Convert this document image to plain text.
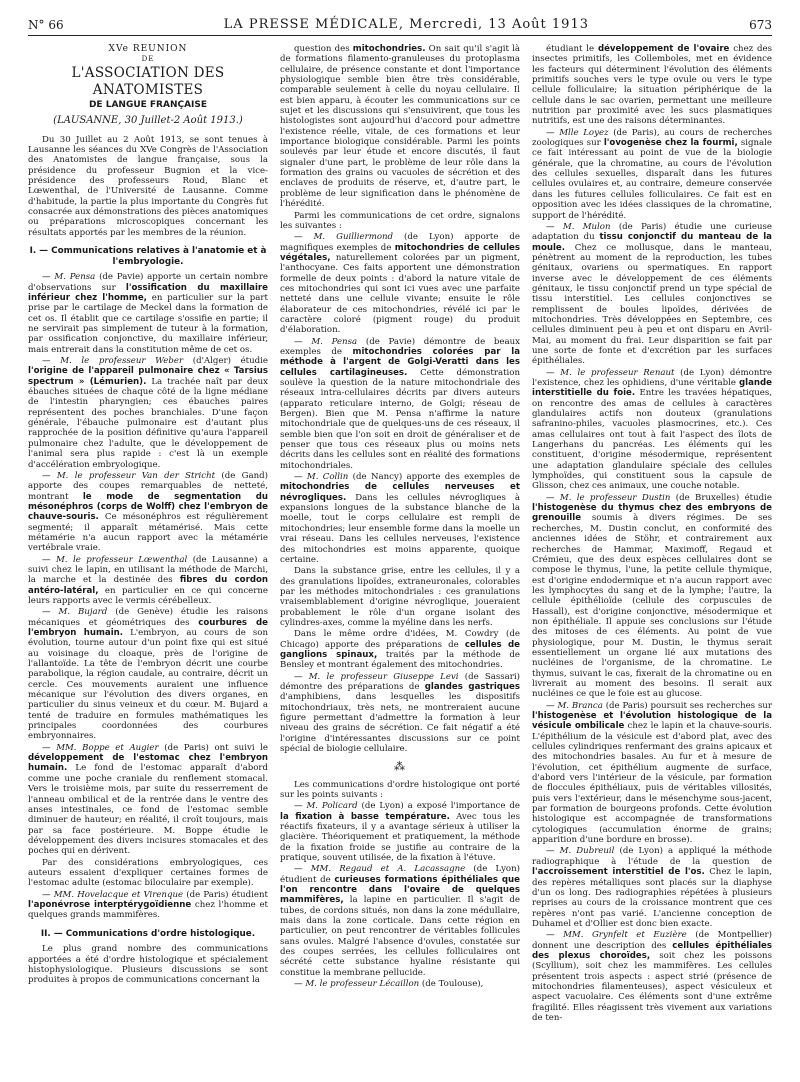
N° 66	LA PRESSE MÉDICALE, Mercredi, 13 Août 1913	673
XVe RÉUNION
DE
L'ASSOCIATION DES ANATOMISTES
DE LANGUE FRANÇAISE
(LAUSANNE, 30 Juillet-2 Août 1913.)

Du 30 Juillet au 2 Août 1913, se sont tenues à Lausanne les séances du XVe Congrès de l'Association des Anatomistes de langue française, sous la présidence du professeur Bugnion et la vice-présidence des professeurs Roud, Blanc et Lœwenthal, de l'Université de Lausanne. Comme d'habitude, la partie la plus importante du Congrès fut consacrée aux démonstrations des pièces anatomiques ou préparations microscopiques concernant les résultats apportés par les membres de la réunion.

I. — Communications relatives à l'anatomie et à l'embryologie.

— M. Pensa (de Pavie) apporte un certain nombre d'observations sur l'ossification du maxillaire inférieur chez l'homme, en particulier sur la part prise par le cartilage de Meckel dans la formation de cet os. Il établit que ce cartilage s'ossifie en partie; il ne servirait pas simplement de tuteur à la formation, par ossification conjonctive, du maxillaire inférieur, mais entrerait dans la constitution même de cet os.

— M. le professeur Weber (d'Alger) étudie l'origine de l'appareil pulmonaire chez « Tarsius spectrum » (Lémurien). La trachée naît par deux ébauches situées de chaque côté de la ligne médiane de l'intestin pharyngien; ces ébauches paires représentent des poches branchiales. D'une façon générale, l'ébauche pulmonaire est d'autant plus rapprochée de la position définitive qu'aura l'appareil pulmonaire chez l'adulte, que le développement de l'animal sera plus rapide : c'est là un exemple d'accélération embryologique.

— M. le professeur Van der Stricht (de Gand) apporte des coupes remarquables de netteté, montrant le mode de segmentation du mésonéphros (corps de Wolff) chez l'embryon de chauve-souris. Ce mésonéphros est régulièrement segmenté; il apparaît métamérisé. Mais cette métamérie n'a aucun rapport avec la métamérie vertébrale vraie.

— M. le professeur Lœwenthal (de Lausanne) a suivi chez le lapin, en utilisant la méthode de Marchi, la marche et la destinée des fibres du cordon antéro-latéral, en particulier en ce qui concerne leurs rapports avec le vermis cérébelleux.

— M. Bujard (de Genève) étudie les raisons mécaniques et géométriques des courbures de l'embryon humain. L'embryon, au cours de son évolution, tourne autour d'un point fixe qui est situé au voisinage du cloaque, près de l'origine de l'allantoïde. La tête de l'embryon décrit une courbe parabolique, la région caudale, au contraire, décrit un cercle. Ces mouvements auraient une influence mécanique sur l'évolution des divers organes, en particulier du sinus veineux et du cœur. M. Bujard a tenté de traduire en formules mathématiques les principales coordonnées des courbures embryonnaires.

— MM. Boppe et Augier (de Paris) ont suivi le développement de l'estomac chez l'embryon humain. Le fond de l'estomac apparaît d'abord comme une poche craniale du renflement stomacal. Vers le troisième mois, par suite du resserrement de l'anneau ombilical et de la rentrée dans le ventre des anses intestinales, ce fond de l'estomac semble diminuer de hauteur; en réalité, il croît toujours, mais par sa face postérieure. M. Boppe étudie le développement des divers incisures stomacales et des poches qui en dérivent.

Par des considérations embryologiques, ces auteurs essaient d'expliquer certaines formes de l'estomac adulte (estomac biloculaire par exemple).

— MM. Hovelacque et Virenque (de Paris) étudient l'aponévrose interptérygoïdienne chez l'homme et quelques grands mammifères.

II. — Communications d'ordre histologique.

Le plus grand nombre des communications apportées a été d'ordre histologique et spécialement histophysiologique. Plusieurs discussions se sont produites à propos de communications concernant la

question des mitochondries. On sait qu'il s'agit là de formations filamento-granuleuses du protoplasma cellulaire, de présence constante et dont l'importance physiologique semble bien être très considérable, comparable seulement à celle du noyau cellulaire. Il est bien apparu, à écouter les communications sur ce sujet et les discussions qui s'ensuivirent, que tous les histologistes sont aujourd'hui d'accord pour admettre l'existence réelle, vitale, de ces formations et leur importance biologique considérable. Parmi les points soulevés par leur étude et encore discutés, il faut signaler d'une part, le problème de leur rôle dans la formation des grains ou vacuoles de sécrétion et des enclaves de produits de réserve, et, d'autre part, le problème de leur signification dans le phénomène de l'hérédité.

Parmi les communications de cet ordre, signalons les suivantes :

— M. Guilliermond (de Lyon) apporte de magnifiques exemples de mitochondries de cellules végétales, naturellement colorées par un pigment, l'anthocyane. Ces faits apportent une démonstration formelle de deux points : d'abord la nature vitale de ces mitochondries qui sont ici vues avec une parfaite netteté dans une cellule vivante; ensuite le rôle élaborateur de ces mitochondries, révélé ici par le caractère coloré (pigment rouge) du produit d'élaboration.

— M. Pensa (de Pavie) démontre de beaux exemples de mitochondries colorées par la méthode à l'argent de Golgi-Veratti dans les cellules cartilagineuses. Cette démonstration soulève la question de la nature mitochondriale des réseaux intra-cellulaires décrits par divers auteurs (apparato reticulare interno, de Golgi; réseau de Bergen). Bien que M. Pensa n'affirme la nature mitochondriale que de quelques-uns de ces réseaux, il semble bien que l'on soit en droit de généraliser et de penser que tous ces réseaux plus ou moins nets décrits dans les cellules sont en réalité des formations mitochondriales.

— M. Collin (de Nancy) apporte des exemples de mitochondries de cellules nerveuses et névrogliques. Dans les cellules névrogliques à expansions longues de la substance blanche de la moelle, tout le corps cellulaire est rempli de mitochondries; leur ensemble forme dans la moelle un vrai réseau. Dans les cellules nerveuses, l'existence des mitochondries est moins apparente, quoique certaine.

Dans la substance grise, entre les cellules, il y a des granulations lipoïdes, extraneuronales, colorables par les méthodes mitochondriales : ces granulations vraisemblablement d'origine névroglique, joueraient probablement le rôle d'un organe isolant des cylindres-axes, comme la myéline dans les nerfs.

Dans le même ordre d'idées, M. Cowdry (de Chicago) apporte des préparations de cellules de ganglions spinaux, traités par la méthode de Bensley et montrant également des mitochondries.

— M. le professeur Giuseppe Levi (de Sassari) démontre des préparations de glandes gastriques d'amphibiens, dans lesquelles les dispositifs mitochondriaux, très nets, ne montreraient aucune figure permettant d'admettre la formation à leur niveau des grains de sécrétion. Ce fait négatif a été l'origine d'intéressantes discussions sur ce point spécial de biologie cellulaire.

⁂

Les communications d'ordre histologique ont porté sur les points suivants :

— M. Policard (de Lyon) a exposé l'importance de la fixation à basse température. Avec tous les réactifs fixateurs, il y a avantage sérieux à utiliser la glacière. Théoriquement et pratiquement, la méthode de la fixation froide se justifie au contraire de la pratique, souvent utilisée, de la fixation à l'étuve.

— MM. Regaud et A. Lacassagne (de Lyon) étudient de curieuses formations épithéliales que l'on rencontre dans l'ovaire de quelques mammifères, la lapine en particulier. Il s'agit de tubes, de cordons situés, non dans la zone médullaire, mais dans la zone corticale. Dans cette région en particulier, on peut rencontrer de véritables follicules sans ovules. Malgré l'absence d'ovules, constatée sur des coupes serrées, les cellules folliculaires ont sécrété cette substance hyaline résistante qui constitue la membrane pellucide.

— M. le professeur Lécaillon (de Toulouse),

étudiant le développement de l'ovaire chez des insectes primitifs, les Collemboles, met en évidence les facteurs qui déterminent l'évolution des éléments primitifs souches vers le type ovule ou vers le type cellule folliculaire; la situation périphérique de la cellule dans le sac ovarien, permettant une meilleure nutrition par proximité avec les sucs plasmatiques nutritifs, est une des raisons déterminantes.

— Mlle Loyez (de Paris), au cours de recherches zoologiques sur l'ovogenèse chez la fourmi, signale ce fait intéressant au point de vue de la biologie générale, que la chromatine, au cours de l'évolution des cellules sexuelles, disparaît dans les futures cellules ovulaires et, au contraire, demeure conservée dans les futures cellules folliculaires. Ce fait est en opposition avec les idées classiques de la chromatine, support de l'hérédité.

— M. Mulon (de Paris) étudie une curieuse adaptation du tissu conjonctif du manteau de la moule. Chez ce mollusque, dans le manteau, pénètrent au moment de la reproduction, les tubes génitaux, ovariens ou spermatiques. En rapport inverse avec le développement de ces éléments génitaux, le tissu conjonctif prend un type spécial de tissu interstitiel. Les cellules conjonctives se remplissent de boules lipoïdes, dérivées de mitochondries. Très développées en Septembre, ces cellules diminuent peu à peu et ont disparu en Avril-Mai, au moment du frai. Leur disparition se fait par une sorte de fonte et d'excrétion par les surfaces épithéliales.

— M. le professeur Renaut (de Lyon) démontre l'existence, chez les ophidiens, d'une véritable glande interstitielle du foie. Entre les travées hépatiques, on rencontre des amas de cellules à caractères glandulaires actifs non douteux (granulations safranino-philes, vacuoles plasmocrines, etc.). Ces amas cellulaires ont tout à fait l'aspect des îlots de Langerhans du pancréas. Les éléments qui les constituent, d'origine mésodermique, représentent une adaptation glandulaire spéciale des cellules lymphoïdes, qui constituent sous la capsule de Glisson, chez ces animaux, une couche notable.

— M. le professeur Dustin (de Bruxelles) étudie l'histogenèse du thymus chez des embryons de grenouille soumis à divers régimes. De ses recherches, M. Dustin conclut, en conformité des anciennes idées de Stöhr, et contrairement aux recherches de Hammar, Maximoff, Regaud et Crémieu, que des deux espèces cellulaires dont se compose le thymus, l'une, la petite cellule thymique, est d'origine endodermique et n'a aucun rapport avec les lymphocytes du sang et de la lymphe; l'autre, la cellule épithélioïde (cellule des corpuscules de Hassall), est d'origine conjonctive, mésodermique et non épithéliale. Il appuie ses conclusions sur l'étude des mitoses de ces éléments. Au point de vue physiologique, pour M. Dustin, le thymus serait essentiellement un organe lié aux mutations des nucléines de l'organisme, de la chromatine. Le thymus, suivant le cas, fixerait de la chromatine ou en livrerait au moment des besoins. Il serait aux nucléines ce que le foie est au glucose.

— M. Branca (de Paris) poursuit ses recherches sur l'histogenèse et l'évolution histologique de la vésicule ombilicale chez le lapin et la chauve-souris. L'épithélium de la vésicule est d'abord plat, avec des cellules cylindriques renfermant des grains apicaux et des mitochondries basales. Au fur et à mesure de l'évolution, cet épithélium augmente de surface, d'abord vers l'intérieur de la vésicule, par formation de floccules épithéliaux, puis de véritables villosités, puis vers l'extérieur, dans le mésenchyme sous-jacent, par formation de bourgeons profonds. Cette évolution histologique est accompagnée de transformations cytologiques (accumulation énorme de grains; apparition d'une bordure en brosse).

— M. Dubreuil (de Lyon) a appliqué la méthode radiographique à l'étude de la question de l'accroissement interstitiel de l'os. Chez le lapin, des repères métalliques sont placés sur la diaphyse d'un os long. Des radiographies répétées à plusieurs reprises au cours de la croissance montrent que ces repères n'ont pas varié. L'ancienne conception de Duhamel et d'Ollier est donc bien exacte.

— MM. Grynfelt et Euzière (de Montpellier) donnent une description des cellules épithéliales des plexus choroïdes, soit chez les poissons (Scyllium), soit chez les mammifères. Les cellules présentent trois aspects : aspect strié (présence de mitochondries filamenteuses), aspect vésiculeux et aspect vacuolaire. Ces éléments sont d'une extrême fragilité. Elles réagissent très vivement aux variations de ten-
